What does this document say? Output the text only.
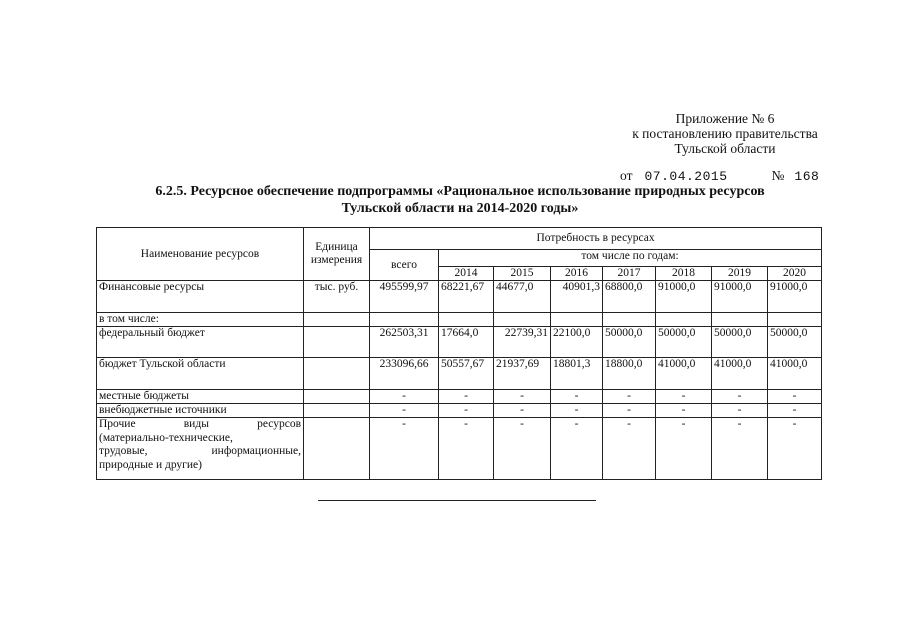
Приложение № 6
к постановлению правительства
Тульской области
от 07.04.2015	№ 168
6.2.5. Ресурсное обеспечение подпрограммы «Рациональное использование природных ресурсов
Тульской области на 2014-2020 годы»
Наименование ресурсов	Единица измерения	Потребность в ресурсах							
		всего	том числе по годам:						
			2014	2015	2016	2017	2018	2019	2020
Финансовые ресурсы	тыс. руб.	495599,97	68221,67	44677,0	40901,3	68800,0	91000,0	91000,0	91000,0
в том числе:									
федеральный бюджет		262503,31	17664,0	22739,31	22100,0	50000,0	50000,0	50000,0	50000,0
бюджет Тульской области		233096,66	50557,67	21937,69	18801,3	18800,0	41000,0	41000,0	41000,0
местные бюджеты		-	-	-	-	-	-	-	-
внебюджетные источники		-	-	-	-	-	-	-	-

Прочие виды ресурсов
(материально-технические,
трудовые, информационные,
природные и другие)		-	-	-	-	-	-	-	-
